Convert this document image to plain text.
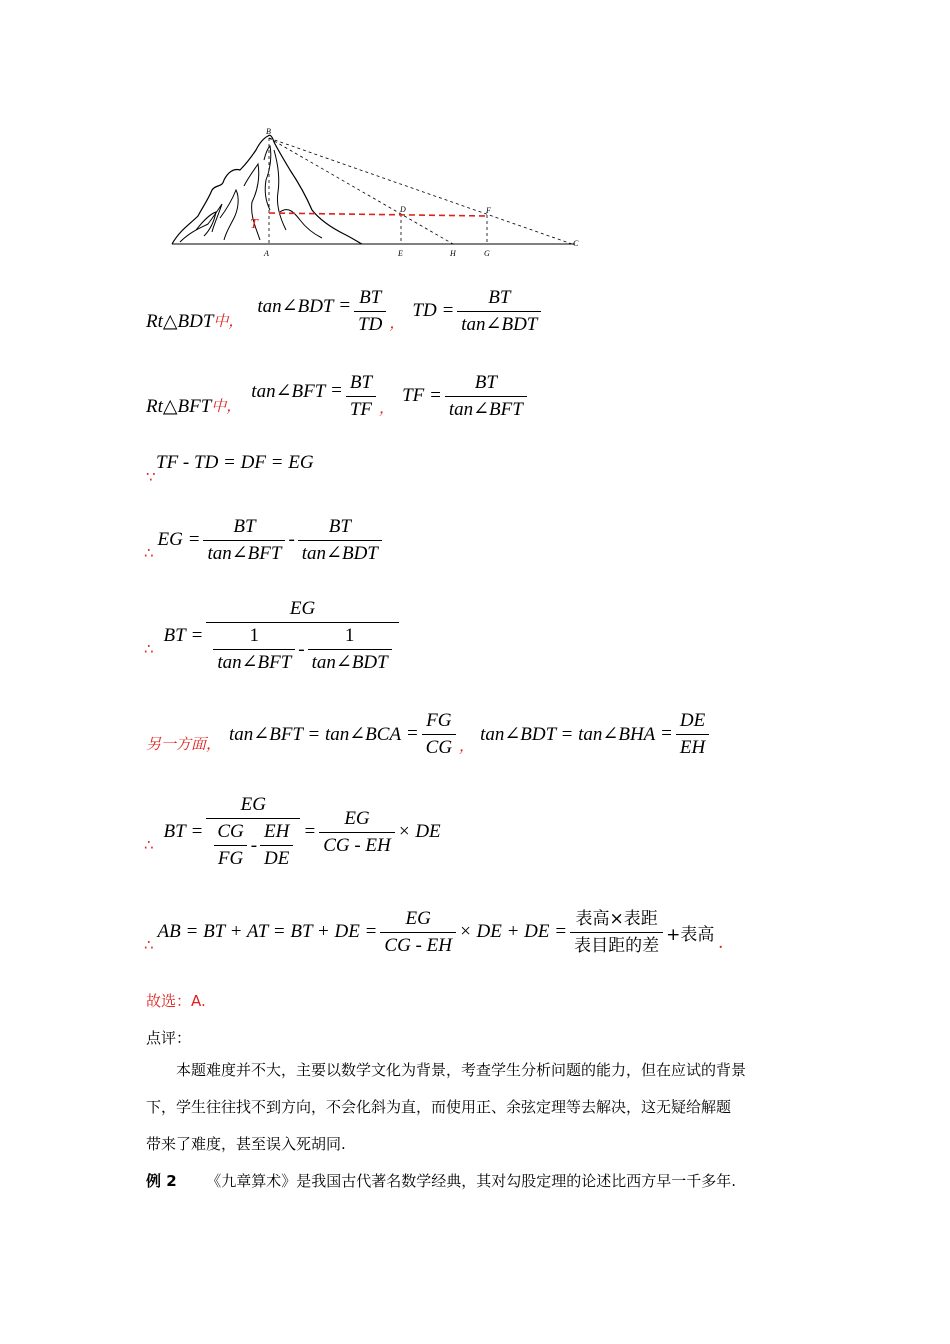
B
T
D	F
A	E	H	G
C
Rt△BDT 中，
tan∠BDT = $\frac{BT}{TD}$ ，
TD = $\frac{BT}{\text{tan∠BDT}}$
Rt△BFT 中，
tan∠BFT = $\frac{BT}{TF}$ ，
TF = $\frac{BT}{\text{tan∠BFT}}$
∵
TF - TD = DF = EG
∴
EG = $\frac{BT}{\text{tan∠BFT}} - \frac{BT}{\text{tan∠BDT}}$
∴
BT = $\frac{EG}{\frac{1}{\text{tan∠BFT}} - \frac{1}{\text{tan∠BDT}}}$
另一方面， tan∠BFT = tan∠BCA = $\frac{FG}{CG}$ ，
tan∠BDT = tan∠BHA = $\frac{DE}{EH}$
∴
BT = $\frac{EG}{\frac{CG}{FG} - \frac{EH}{DE}} = \frac{EG}{CG - EH}$ × DE
∴
AB = BT + AT = BT + DE = $\frac{EG}{CG - EH}$ × DE + DE = $\frac{\text{表高×表距}}{\text{表目距的差}}$ +表高 .
故选：A.
点评：
本题难度并不大，主要以数学文化为背景，考查学生分析问题的能力，但在应试的背景
下，学生往往找不到方向，不会化斜为直，而使用正、余弦定理等去解决，这无疑给解题
带来了难度，甚至误入死胡同.
例 2 《九章算术》是我国古代著名数学经典，其对勾股定理的论述比西方早一千多年.
